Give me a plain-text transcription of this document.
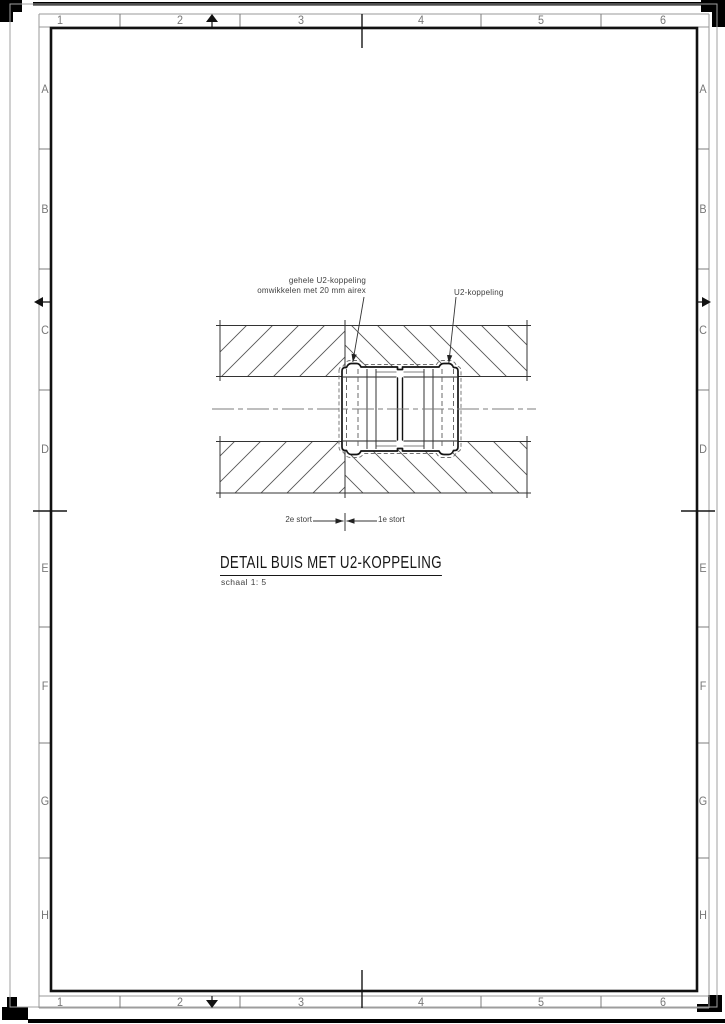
gehele U2-koppeling
omwikkelen met 20 mm airex	U2-koppeling
2e stort	1e stort
DETAIL BUIS MET U2-KOPPELING
schaal 1: 5
1
1
2
2
3
3
4
4
5
5
6
6
A	A
B	B
C	C
D	D
E	E
F	F
G	G
H	H
